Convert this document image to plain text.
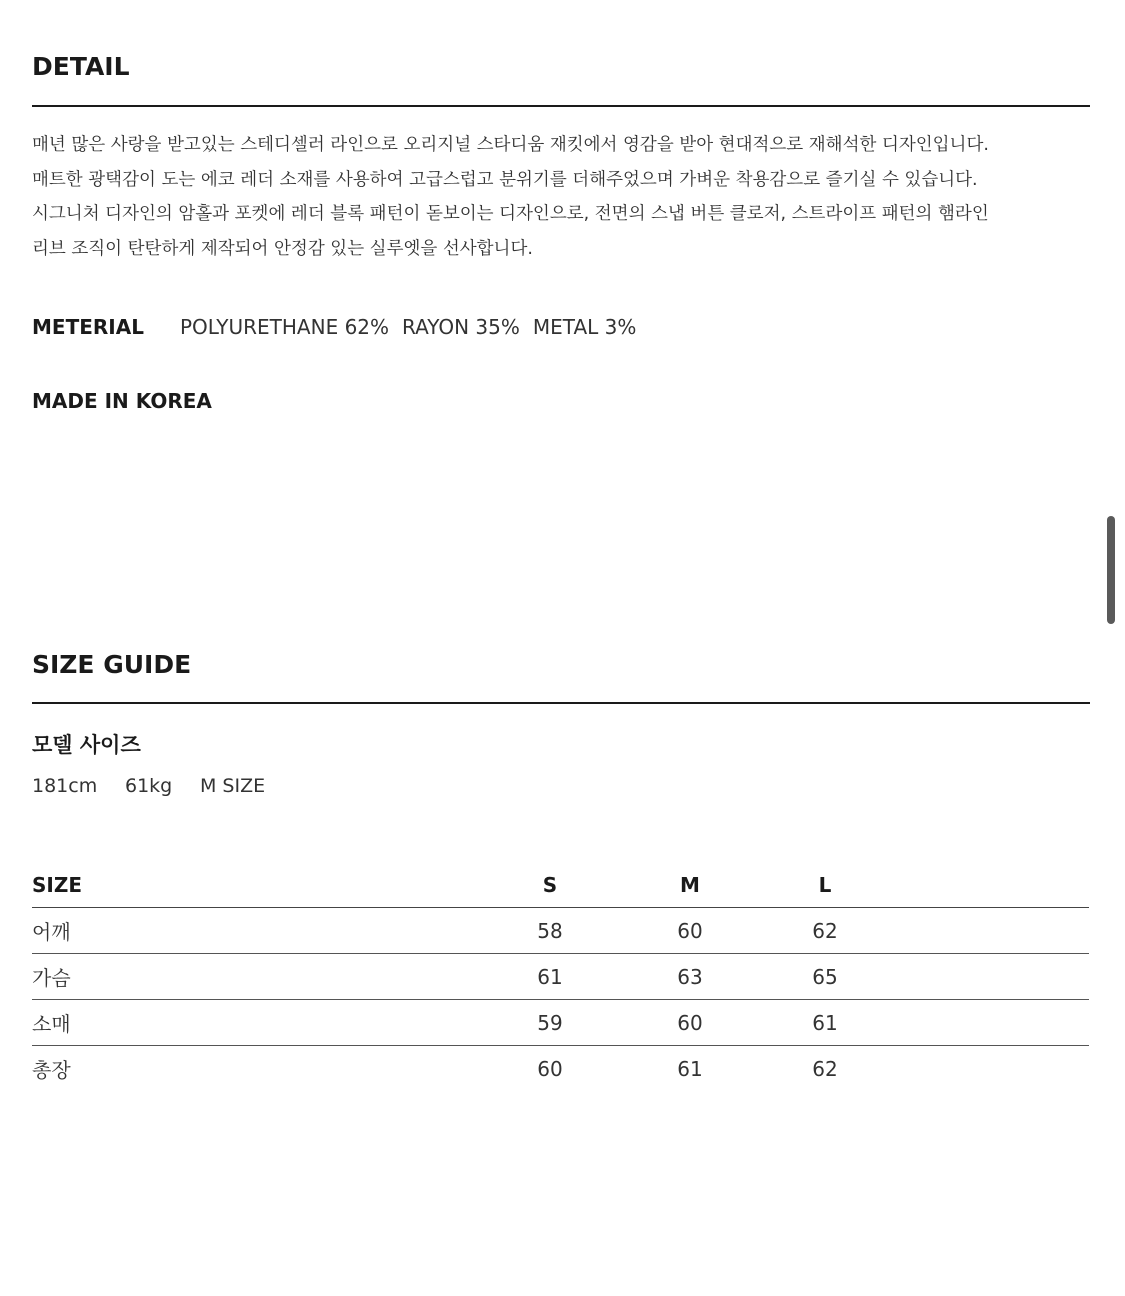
DETAIL
매년 많은 사랑을 받고있는 스테디셀러 라인으로 오리지널 스타디움 재킷에서 영감을 받아 현대적으로 재해석한 디자인입니다.
매트한 광택감이 도는 에코 레더 소재를 사용하여 고급스럽고 분위기를 더해주었으며 가벼운 착용감으로 즐기실 수 있습니다.
시그니처 디자인의 암홀과 포켓에 레더 블록 패턴이 돋보이는 디자인으로, 전면의 스냅 버튼 클로저, 스트라이프 패턴의 햄라인
리브 조직이 탄탄하게 제작되어 안정감 있는 실루엣을 선사합니다.
METERIAL	POLYURETHANE 62% RAYON 35% METAL 3%
MADE IN KOREA
SIZE GUIDE
모델 사이즈
181cm	61kg	M SIZE
SIZE	S	M	L
어깨	58	60	62
가슴	61	63	65
소매	59	60	61
총장	60	61	62
